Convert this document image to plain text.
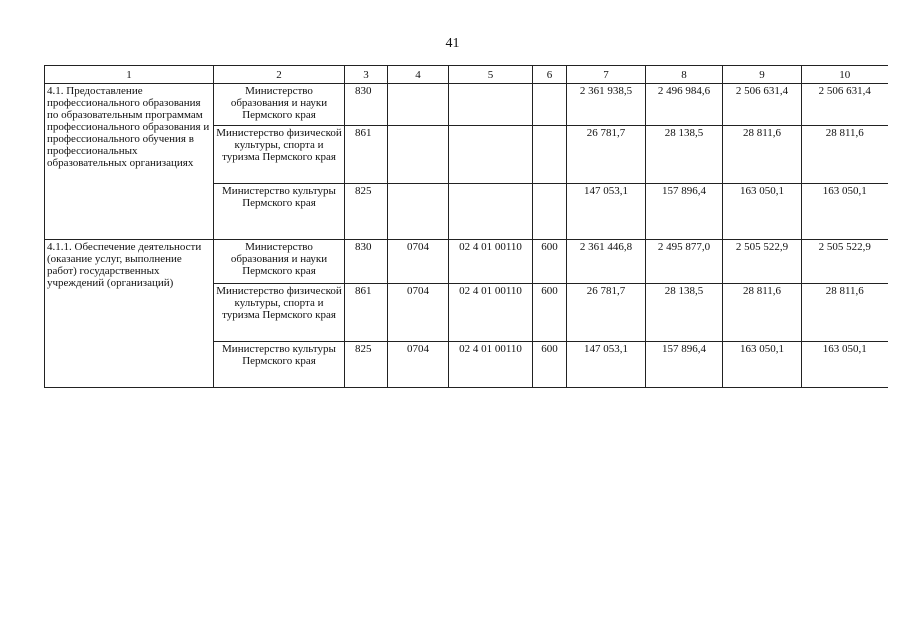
41
1	2	3	4	5	6	7	8	9	10
4.1. Предоставление профессионального образования по образовательным программам профессионального образования и профессионального обучения в профессиональных образовательных организациях	Министерство образования и науки Пермского края	830				2 361 938,5	2 496 984,6	2 506 631,4	2 506 631,4
	Министерство физической культуры, спорта и туризма Пермского края	861				26 781,7	28 138,5	28 811,6	28 811,6
	Министерство культуры Пермского края	825				147 053,1	157 896,4	163 050,1	163 050,1
4.1.1. Обеспечение деятельности (оказание услуг, выполнение работ) государственных учреждений (организаций)	Министерство образования и науки Пермского края	830	0704	02 4 01 00110	600	2 361 446,8	2 495 877,0	2 505 522,9	2 505 522,9
	Министерство физической культуры, спорта и туризма Пермского края	861	0704	02 4 01 00110	600	26 781,7	28 138,5	28 811,6	28 811,6
	Министерство культуры Пермского края	825	0704	02 4 01 00110	600	147 053,1	157 896,4	163 050,1	163 050,1
